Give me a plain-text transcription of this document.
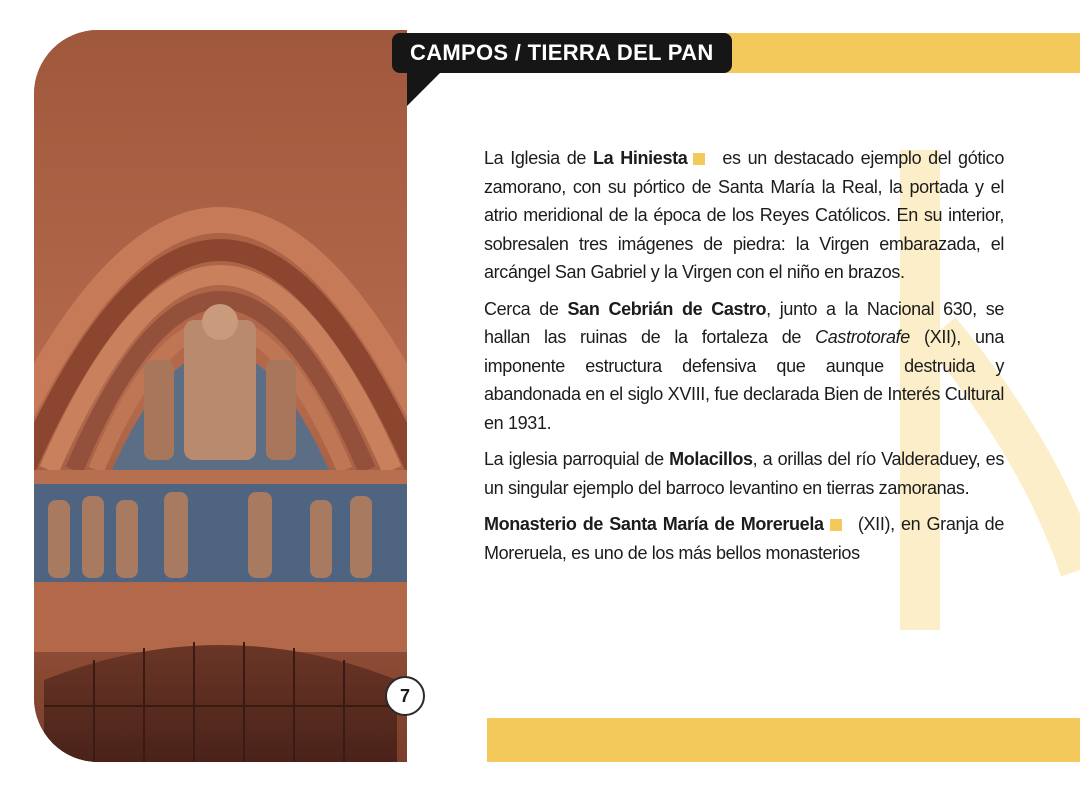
CAMPOS / TIERRA DEL PAN
7

La Iglesia de La Hiniesta es un destacado ejemplo del gótico zamorano, con su pórtico de Santa María la Real, la portada y el atrio meridional de la época de los Reyes Católicos. En su interior, sobresalen tres imágenes de piedra: la Virgen embarazada, el arcángel San Gabriel y la Virgen con el niño en brazos.

Cerca de San Cebrián de Castro, junto a la Nacional 630, se hallan las ruinas de la fortaleza de Castrotorafe (XII), una imponente estructura defensiva que aunque destruida y abandonada en el siglo XVIII, fue declarada Bien de Interés Cultural en 1931.

La iglesia parroquial de Molacillos, a orillas del río Valderaduey, es un singular ejemplo del barroco levantino en tierras zamoranas.

Monasterio de Santa María de Moreruela (XII), en Granja de Moreruela, es uno de los más bellos monasterios
